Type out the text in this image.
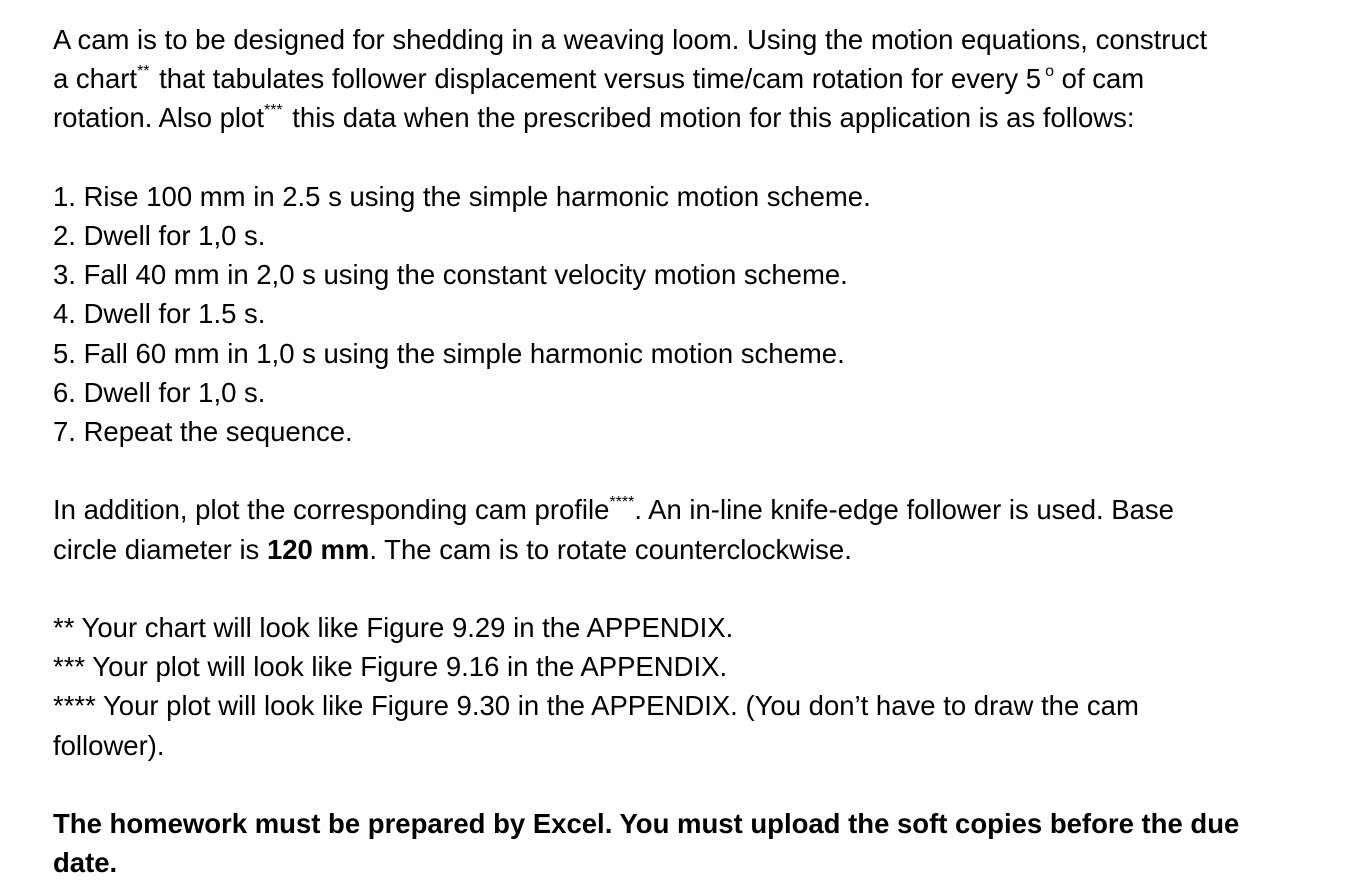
A cam is to be designed for shedding in a weaving loom. Using the motion equations, construct
a chart** that tabulates follower displacement versus time/cam rotation for every 5 $^o$ of cam
rotation. Also plot*** this data when the prescribed motion for this application is as follows:
1. Rise 100 mm in 2.5 s using the simple harmonic motion scheme.
2. Dwell for 1,0 s.
3. Fall 40 mm in 2,0 s using the constant velocity motion scheme.
4. Dwell for 1.5 s.
5. Fall 60 mm in 1,0 s using the simple harmonic motion scheme.
6. Dwell for 1,0 s.
7. Repeat the sequence.
In addition, plot the corresponding cam profile****. An in-line knife-edge follower is used. Base
circle diameter is 120 mm. The cam is to rotate counterclockwise.
** Your chart will look like Figure 9.29 in the APPENDIX.
*** Your plot will look like Figure 9.16 in the APPENDIX.
**** Your plot will look like Figure 9.30 in the APPENDIX. (You don’t have to draw the cam
follower).
The homework must be prepared by Excel. You must upload the soft copies before the due
date.
